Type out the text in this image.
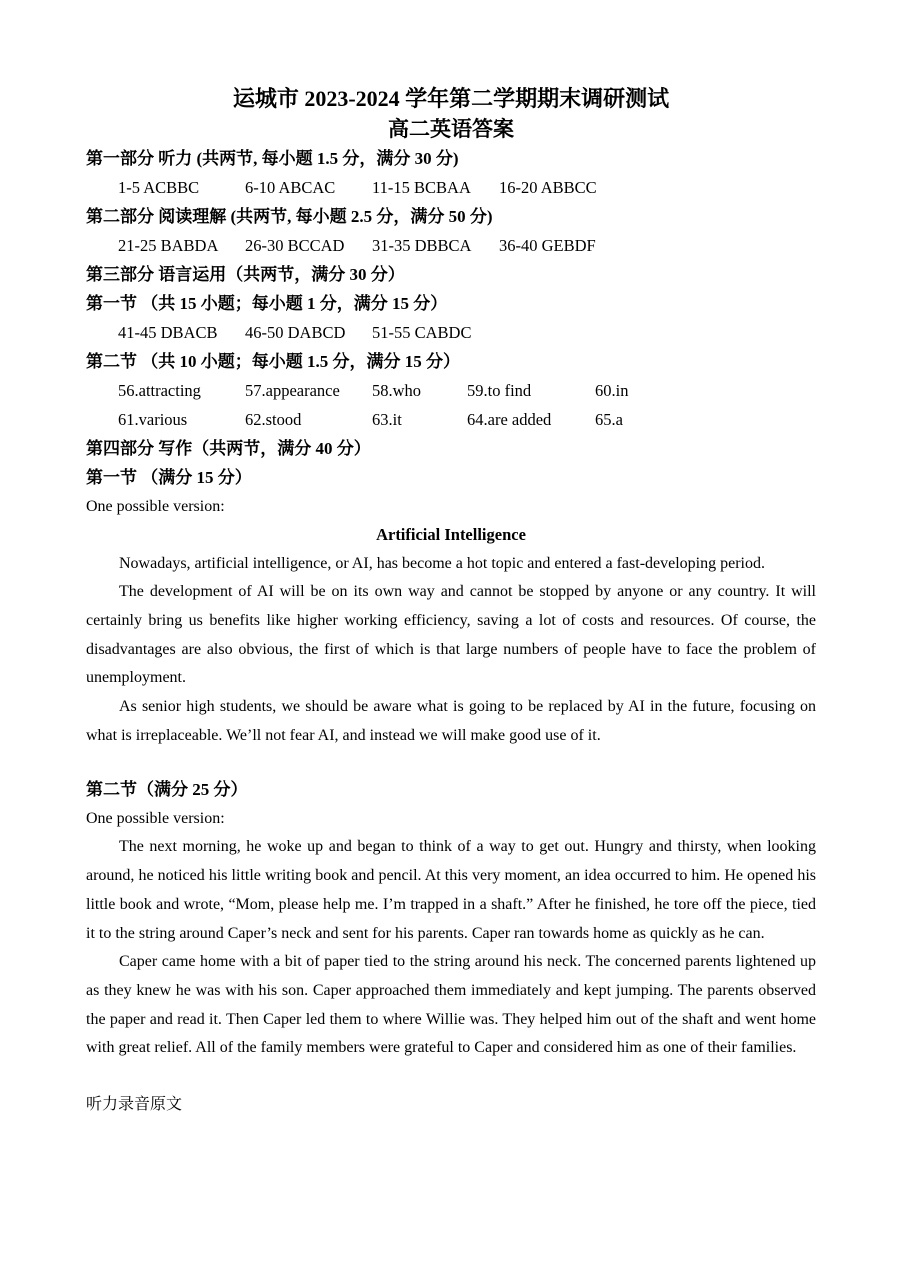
运城市 2023-2024 学年第二学期期末调研测试
高二英语答案
第一部分 听力 (共两节, 每小题 1.5 分，满分 30 分)
1-5 ACBBC	6-10 ABCAC	11-15 BCBAA	16-20 ABBCC
第二部分 阅读理解 (共两节, 每小题 2.5 分，满分 50 分)
21-25 BABDA	26-30 BCCAD	31-35 DBBCA	36-40 GEBDF
第三部分 语言运用（共两节，满分 30 分）
第一节 （共 15 小题；每小题 1 分，满分 15 分）
41-45 DBACB	46-50 DABCD	51-55 CABDC
第二节 （共 10 小题；每小题 1.5 分，满分 15 分）
56.attracting	57.appearance	58.who	59.to find	60.in
61.various	62.stood	63.it	64.are added	65.a
第四部分 写作（共两节，满分 40 分）
第一节 （满分 15 分）
One possible version:
Artificial Intelligence

Nowadays, artificial intelligence, or AI, has become a hot topic and entered a fast-developing period.

The development of AI will be on its own way and cannot be stopped by anyone or any country. It will certainly bring us benefits like higher working efficiency, saving a lot of costs and resources. Of course, the disadvantages are also obvious, the first of which is that large numbers of people have to face the problem of unemployment.

As senior high students, we should be aware what is going to be replaced by AI in the future, focusing on what is irreplaceable. We’ll not fear AI, and instead we will make good use of it.

第二节（满分 25 分）
One possible version:

The next morning, he woke up and began to think of a way to get out. Hungry and thirsty, when looking around, he noticed his little writing book and pencil. At this very moment, an idea occurred to him. He opened his little book and wrote, “Mom, please help me. I’m trapped in a shaft.” After he finished, he tore off the piece, tied it to the string around Caper’s neck and sent for his parents. Caper ran towards home as quickly as he can.

Caper came home with a bit of paper tied to the string around his neck. The concerned parents lightened up as they knew he was with his son. Caper approached them immediately and kept jumping. The parents observed the paper and read it. Then Caper led them to where Willie was. They helped him out of the shaft and went home with great relief. All of the family members were grateful to Caper and considered him as one of their families.

听力录音原文
